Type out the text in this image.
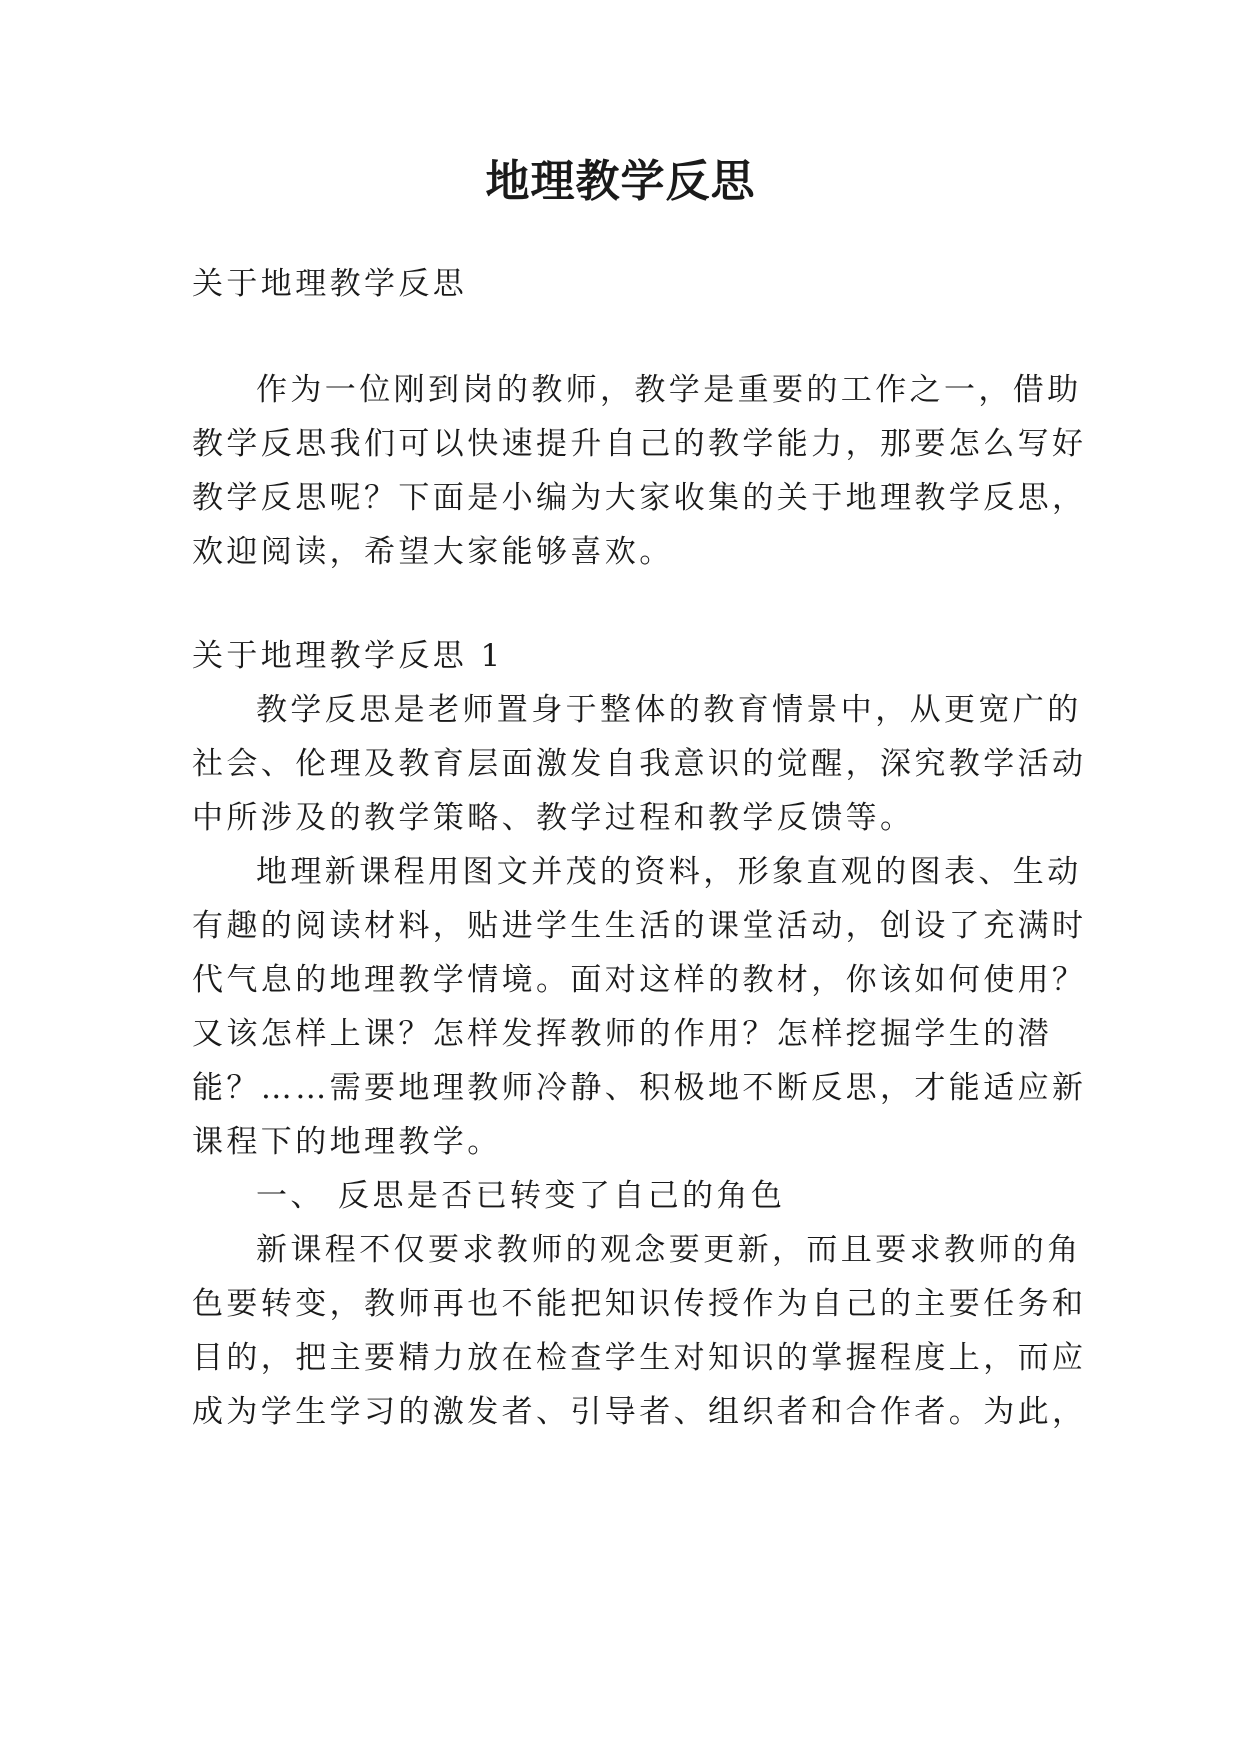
地理教学反思
关于地理教学反思
作为一位刚到岗的教师，教学是重要的工作之一，借助
教学反思我们可以快速提升自己的教学能力，那要怎么写好
教学反思呢？下面是小编为大家收集的关于地理教学反思，
欢迎阅读，希望大家能够喜欢。
关于地理教学反思 1
教学反思是老师置身于整体的教育情景中，从更宽广的
社会、伦理及教育层面激发自我意识的觉醒，深究教学活动
中所涉及的教学策略、教学过程和教学反馈等。
地理新课程用图文并茂的资料，形象直观的图表、生动
有趣的阅读材料，贴进学生生活的课堂活动，创设了充满时
代气息的地理教学情境。面对这样的教材，你该如何使用？
又该怎样上课？怎样发挥教师的作用？怎样挖掘学生的潜
能？……需要地理教师冷静、积极地不断反思，才能适应新
课程下的地理教学。
一、 反思是否已转变了自己的角色
新课程不仅要求教师的观念要更新，而且要求教师的角
色要转变，教师再也不能把知识传授作为自己的主要任务和
目的，把主要精力放在检查学生对知识的掌握程度上，而应
成为学生学习的激发者、引导者、组织者和合作者。为此，
